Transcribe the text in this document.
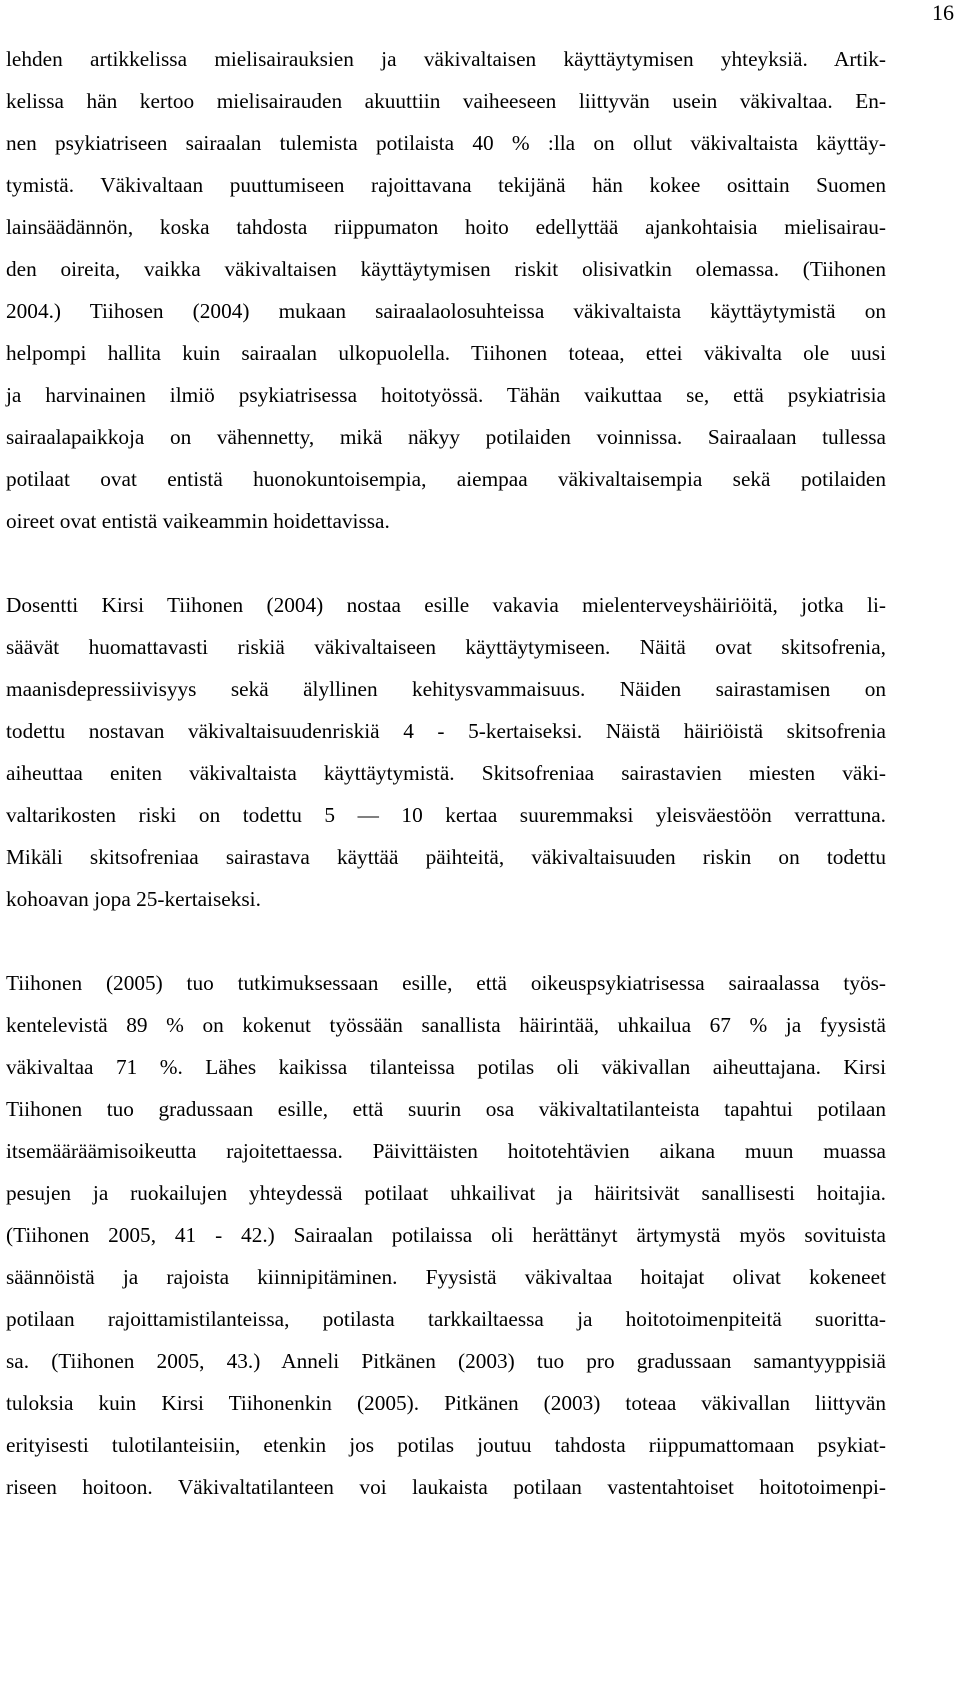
16
lehden artikkelissa mielisairauksien ja väkivaltaisen käyttäytymisen yhteyksiä. Artik-
kelissa hän kertoo mielisairauden akuuttiin vaiheeseen liittyvän usein väkivaltaa. En-
nen psykiatriseen sairaalan tulemista potilaista 40 % :lla on ollut väkivaltaista käyttäy-
tymistä. Väkivaltaan puuttumiseen rajoittavana tekijänä hän kokee osittain Suomen
lainsäädännön, koska tahdosta riippumaton hoito edellyttää ajankohtaisia mielisairau-
den oireita, vaikka väkivaltaisen käyttäytymisen riskit olisivatkin olemassa. (Tiihonen
2004.) Tiihosen (2004) mukaan sairaalaolosuhteissa väkivaltaista käyttäytymistä on
helpompi hallita kuin sairaalan ulkopuolella. Tiihonen toteaa, ettei väkivalta ole uusi
ja harvinainen ilmiö psykiatrisessa hoitotyössä. Tähän vaikuttaa se, että psykiatrisia
sairaalapaikkoja on vähennetty, mikä näkyy potilaiden voinnissa. Sairaalaan tullessa
potilaat ovat entistä huonokuntoisempia, aiempaa väkivaltaisempia sekä potilaiden
oireet ovat entistä vaikeammin hoidettavissa.
Dosentti Kirsi Tiihonen (2004) nostaa esille vakavia mielenterveyshäiriöitä, jotka li-
säävät huomattavasti riskiä väkivaltaiseen käyttäytymiseen. Näitä ovat skitsofrenia,
maanisdepressiivisyys sekä älyllinen kehitysvammaisuus. Näiden sairastamisen on
todettu nostavan väkivaltaisuudenriskiä 4 - 5-kertaiseksi. Näistä häiriöistä skitsofrenia
aiheuttaa eniten väkivaltaista käyttäytymistä. Skitsofreniaa sairastavien miesten väki-
valtarikosten riski on todettu 5 — 10 kertaa suuremmaksi yleisväestöön verrattuna.
Mikäli skitsofreniaa sairastava käyttää päihteitä, väkivaltaisuuden riskin on todettu
kohoavan jopa 25-kertaiseksi.
Tiihonen (2005) tuo tutkimuksessaan esille, että oikeuspsykiatrisessa sairaalassa työs-
kentelevistä 89 % on kokenut työssään sanallista häirintää, uhkailua 67 % ja fyysistä
väkivaltaa 71 %. Lähes kaikissa tilanteissa potilas oli väkivallan aiheuttajana. Kirsi
Tiihonen tuo gradussaan esille, että suurin osa väkivaltatilanteista tapahtui potilaan
itsemääräämisoikeutta rajoitettaessa. Päivittäisten hoitotehtävien aikana muun muassa
pesujen ja ruokailujen yhteydessä potilaat uhkailivat ja häiritsivät sanallisesti hoitajia.
(Tiihonen 2005, 41 - 42.) Sairaalan potilaissa oli herättänyt ärtymystä myös sovituista
säännöistä ja rajoista kiinnipitäminen. Fyysistä väkivaltaa hoitajat olivat kokeneet
potilaan rajoittamistilanteissa, potilasta tarkkailtaessa ja hoitotoimenpiteitä suoritta-
sa. (Tiihonen 2005, 43.) Anneli Pitkänen (2003) tuo pro gradussaan samantyyppisiä
tuloksia kuin Kirsi Tiihonenkin (2005). Pitkänen (2003) toteaa väkivallan liittyvän
erityisesti tulotilanteisiin, etenkin jos potilas joutuu tahdosta riippumattomaan psykiat-
riseen hoitoon. Väkivaltatilanteen voi laukaista potilaan vastentahtoiset hoitotoimenpi-
